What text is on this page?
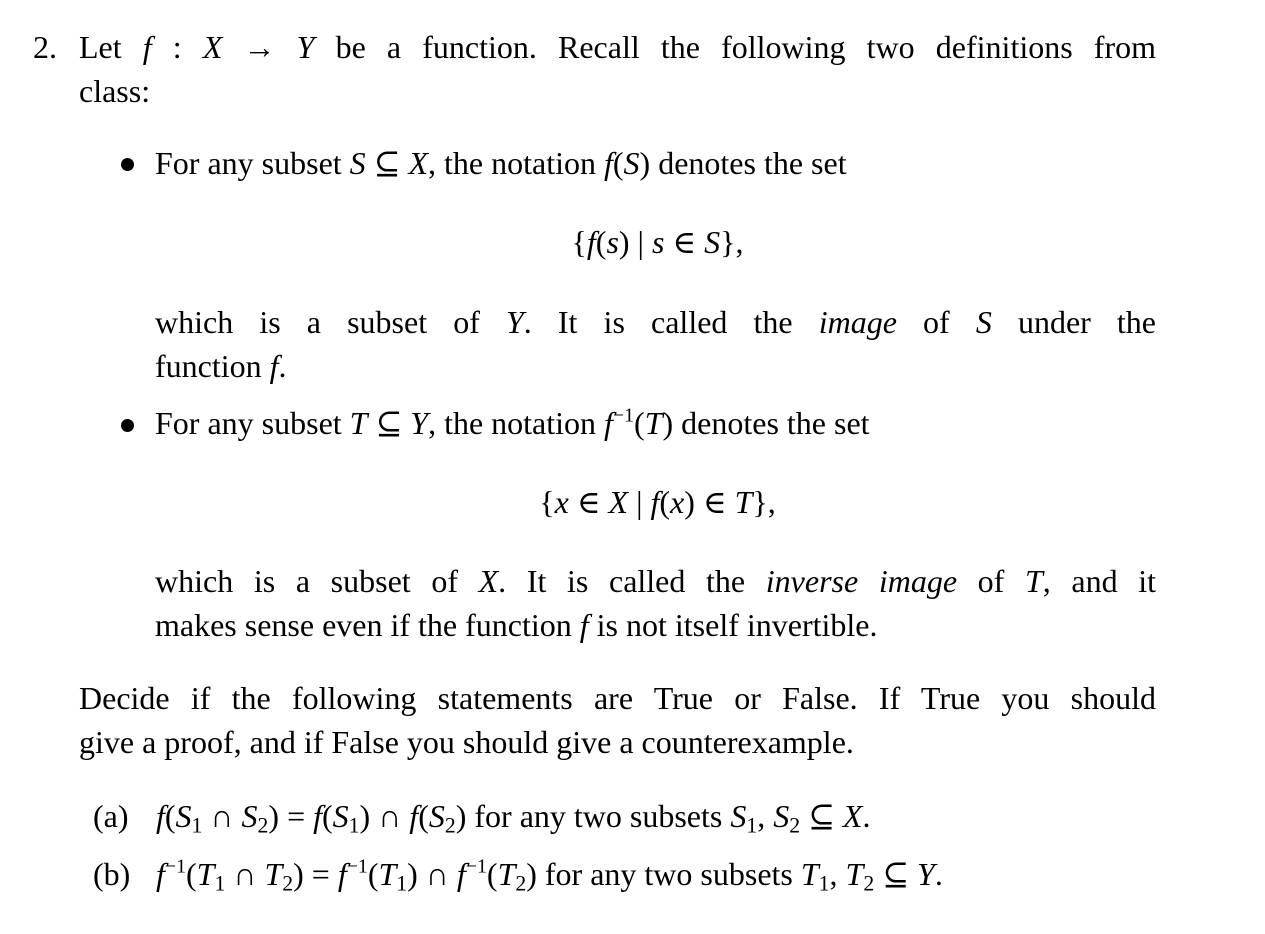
2. Let f : X → Y be a function. Recall the following two definitions from
class:
For any subset S ⊆ X, the notation f(S) denotes the set
{f(s) | s ∈ S},
which is a subset of Y. It is called the image of S under the
function f.
For any subset T ⊆ Y, the notation $f^{-1}(T)$ denotes the set
{x ∈ X | f(x) ∈ T},
which is a subset of X. It is called the inverse image of T, and it
makes sense even if the function f is not itself invertible.
Decide if the following statements are True or False. If True you should
give a proof, and if False you should give a counterexample.
(a) $f(S_1$ ∩ $S_2) = f(S_1)$ ∩ $f(S_2)$ for any two subsets $S_1$, $S_2$ ⊆ X.
(b) $f^{-1}(T_1$ ∩ $T_2) = f^{-1}(T_1)$ ∩ $f^{-1}(T_2)$ for any two subsets $T_1$, $T_2$ ⊆ Y.
